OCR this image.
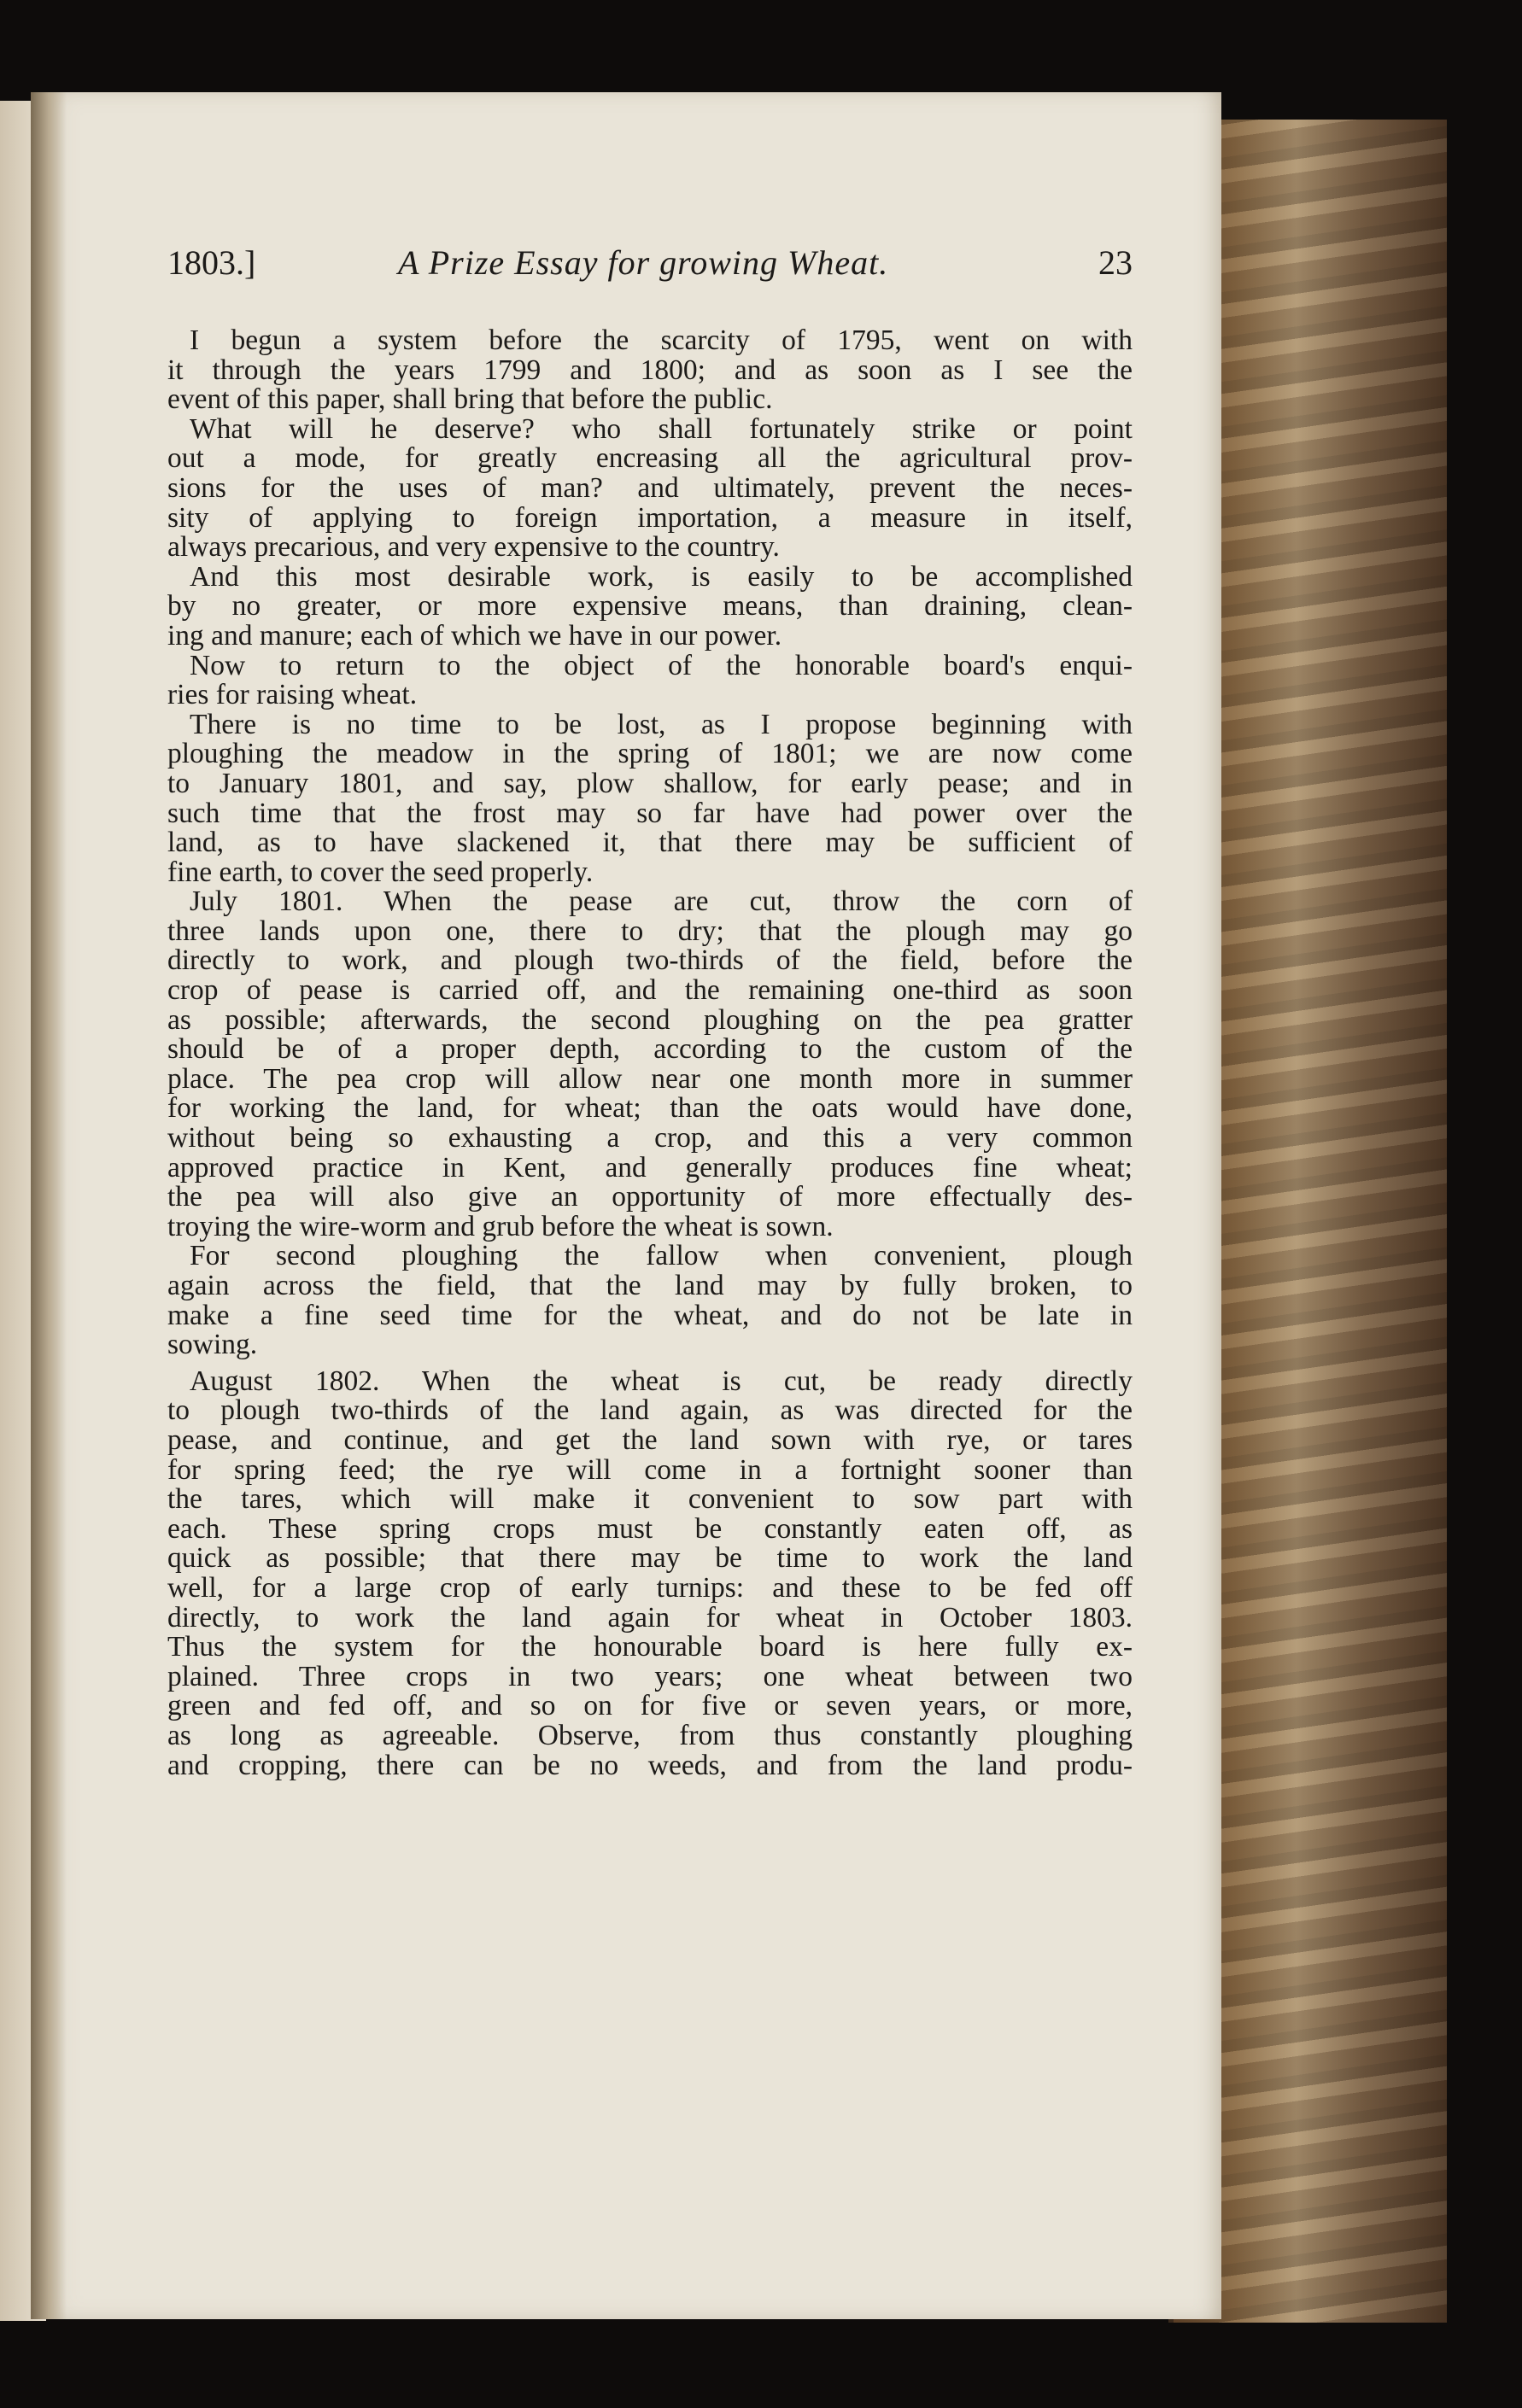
1803.]	A Prize Essay for growing Wheat.	23
I begun a system before the scarcity of 1795, went on with
it through the years 1799 and 1800; and as soon as I see the
event of this paper, shall bring that before the public.
What will he deserve? who shall fortunately strike or point
out a mode, for greatly encreasing all the agricultural prov-
sions for the uses of man? and ultimately, prevent the neces-
sity of applying to foreign importation, a measure in itself,
always precarious, and very expensive to the country.
And this most desirable work, is easily to be accomplished
by no greater, or more expensive means, than draining, clean-
ing and manure; each of which we have in our power.
Now to return to the object of the honorable board's enqui-
ries for raising wheat.
There is no time to be lost, as I propose beginning with
ploughing the meadow in the spring of 1801; we are now come
to January 1801, and say, plow shallow, for early pease; and in
such time that the frost may so far have had power over the
land, as to have slackened it, that there may be sufficient of
fine earth, to cover the seed properly.
July 1801. When the pease are cut, throw the corn of
three lands upon one, there to dry; that the plough may go
directly to work, and plough two-thirds of the field, before the
crop of pease is carried off, and the remaining one-third as soon
as possible; afterwards, the second ploughing on the pea gratter
should be of a proper depth, according to the custom of the
place. The pea crop will allow near one month more in summer
for working the land, for wheat; than the oats would have done,
without being so exhausting a crop, and this a very common
approved practice in Kent, and generally produces fine wheat;
the pea will also give an opportunity of more effectually des-
troying the wire-worm and grub before the wheat is sown.
For second ploughing the fallow when convenient, plough
again across the field, that the land may by fully broken, to
make a fine seed time for the wheat, and do not be late in
sowing.
August 1802. When the wheat is cut, be ready directly
to plough two-thirds of the land again, as was directed for the
pease, and continue, and get the land sown with rye, or tares
for spring feed; the rye will come in a fortnight sooner than
the tares, which will make it convenient to sow part with
each. These spring crops must be constantly eaten off, as
quick as possible; that there may be time to work the land
well, for a large crop of early turnips: and these to be fed off
directly, to work the land again for wheat in October 1803.
Thus the system for the honourable board is here fully ex-
plained. Three crops in two years; one wheat between two
green and fed off, and so on for five or seven years, or more,
as long as agreeable. Observe, from thus constantly ploughing
and cropping, there can be no weeds, and from the land produ-
